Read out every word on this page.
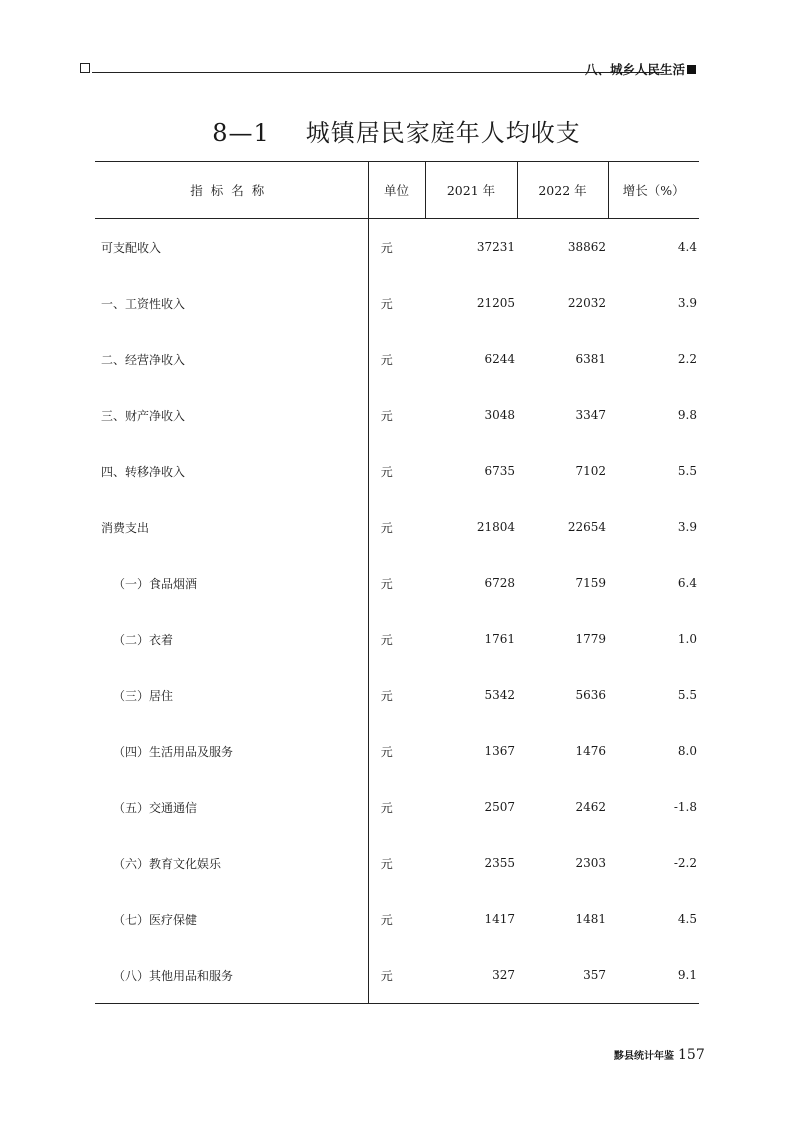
八、城乡人民生活
8—1 城镇居民家庭年人均收支
指标名称	单位	2021 年	2022 年	增长（%）
可支配收入	元	37231	38862	4.4
一、工资性收入	元	21205	22032	3.9
二、经营净收入	元	6244	6381	2.2
三、财产净收入	元	3048	3347	9.8
四、转移净收入	元	6735	7102	5.5
消费支出	元	21804	22654	3.9
（一）食品烟酒	元	6728	7159	6.4
（二）衣着	元	1761	1779	1.0
（三）居住	元	5342	5636	5.5
（四）生活用品及服务	元	1367	1476	8.0
（五）交通通信	元	2507	2462	-1.8
（六）教育文化娱乐	元	2355	2303	-2.2
（七）医疗保健	元	1417	1481	4.5
（八）其他用品和服务	元	327	357	9.1
黟县统计年鉴 157
